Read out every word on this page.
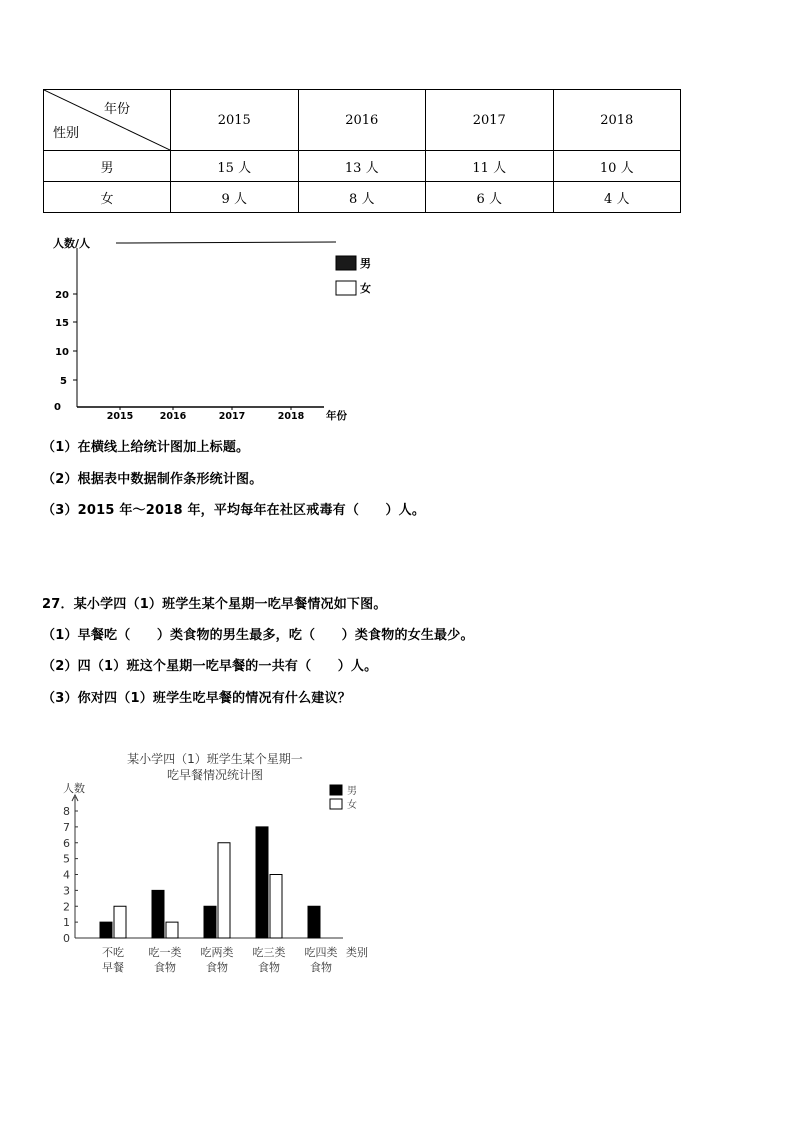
年份
性别	2015	2016	2017	2018
男	15 人	13 人	11 人	10 人
女	9 人	8 人	6 人	4 人
人数/人
0
5
10
15
20
2015	2016	2017	2018 年份
男
女
（1）在横线上给统计图加上标题。
（2）根据表中数据制作条形统计图。
（3）2015 年～2018 年，平均每年在社区戒毒有（　　）人。
27．某小学四（1）班学生某个星期一吃早餐情况如下图。
（1）早餐吃（　　）类食物的男生最多，吃（　　）类食物的女生最少。
（2）四（1）班这个星期一吃早餐的一共有（　　）人。
（3）你对四（1）班学生吃早餐的情况有什么建议？
某小学四（1）班学生某个星期一
吃早餐情况统计图
人数
类别
0
1
2
3
4
5
6
7
8
不吃
早餐
吃一类
食物
吃两类
食物
吃三类
食物
吃四类
食物
男
女
